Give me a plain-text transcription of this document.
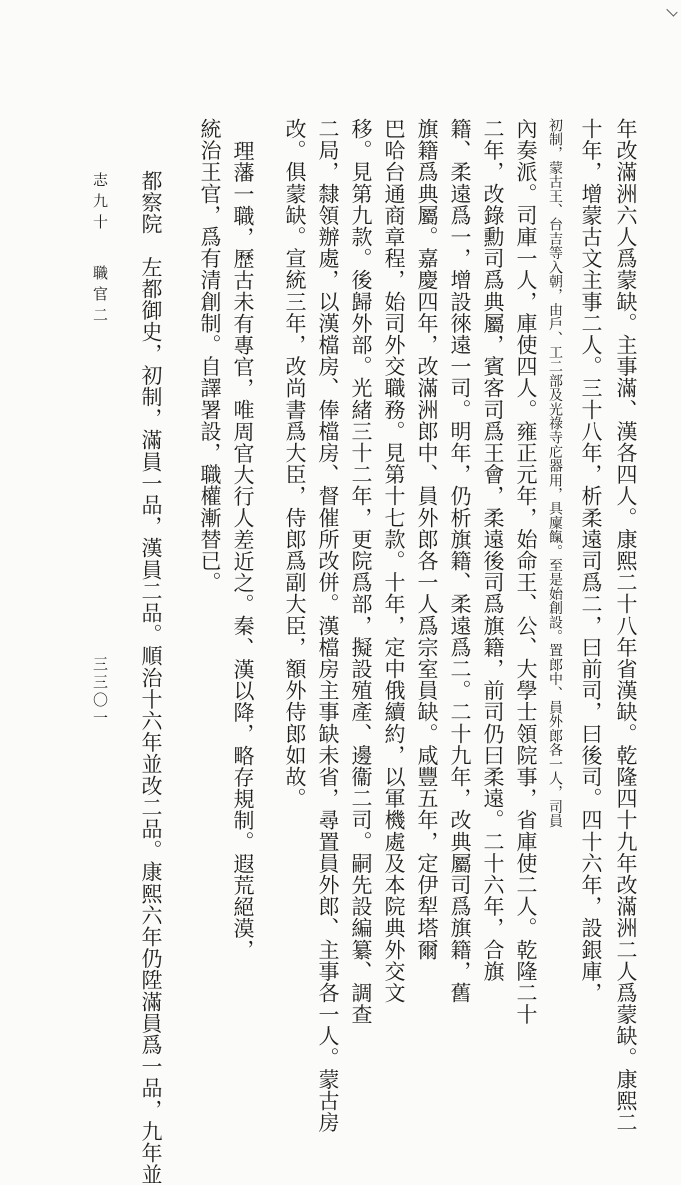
年改滿洲六人爲蒙缺。主事滿、漢各四人。康熙二十八年省漢缺。乾隆四十九年改滿洲二人爲蒙缺。康熙二
十年，增蒙古文主事二人。三十八年，析柔遠司爲二，曰前司，曰後司。四十六年，設銀庫，
初制，蒙古王、台吉等入朝，由戶、工二部及光祿寺庀器用，具廩餼。至是始創設。置郎中、員外郎各一人，司員
內奏派。司庫一人，庫使四人。雍正元年，始命王、公、大學士領院事，省庫使二人。乾隆二十
二年，改錄勳司爲典屬，賓客司爲王會，柔遠後司爲旗籍，前司仍曰柔遠。二十六年，合旗
籍、柔遠爲一，增設徠遠一司。明年，仍析旗籍、柔遠爲二。二十九年，改典屬司爲旗籍，舊
旗籍爲典屬。嘉慶四年，改滿洲郎中、員外郎各一人爲宗室員缺。咸豐五年，定伊犁塔爾
巴哈台通商章程，始司外交職務。見第十七款。十年，定中俄續約，以軍機處及本院典外交文
移。見第九款。後歸外部。光緒三十二年，更院爲部，擬設殖產、邊衞二司。嗣先設編纂、調查
二局，隸領辦處，以漢檔房、俸檔房、督催所改併。漢檔房主事缺未省，尋置員外郎、主事各一人。蒙古房
改。俱蒙缺。宣統三年，改尚書爲大臣，侍郎爲副大臣，額外侍郎如故。
理藩一職，歷古未有專官，唯周官大行人差近之。秦、漢以降，略存規制。遐荒絕漠，
統治王官，爲有清創制。自譯署設，職權漸替已。
都察院　左都御史，初制，滿員一品，漢員二品。順治十六年並改二品。康熙六年仍陞滿員爲一品，九年並
志九十職官二
三三〇一
